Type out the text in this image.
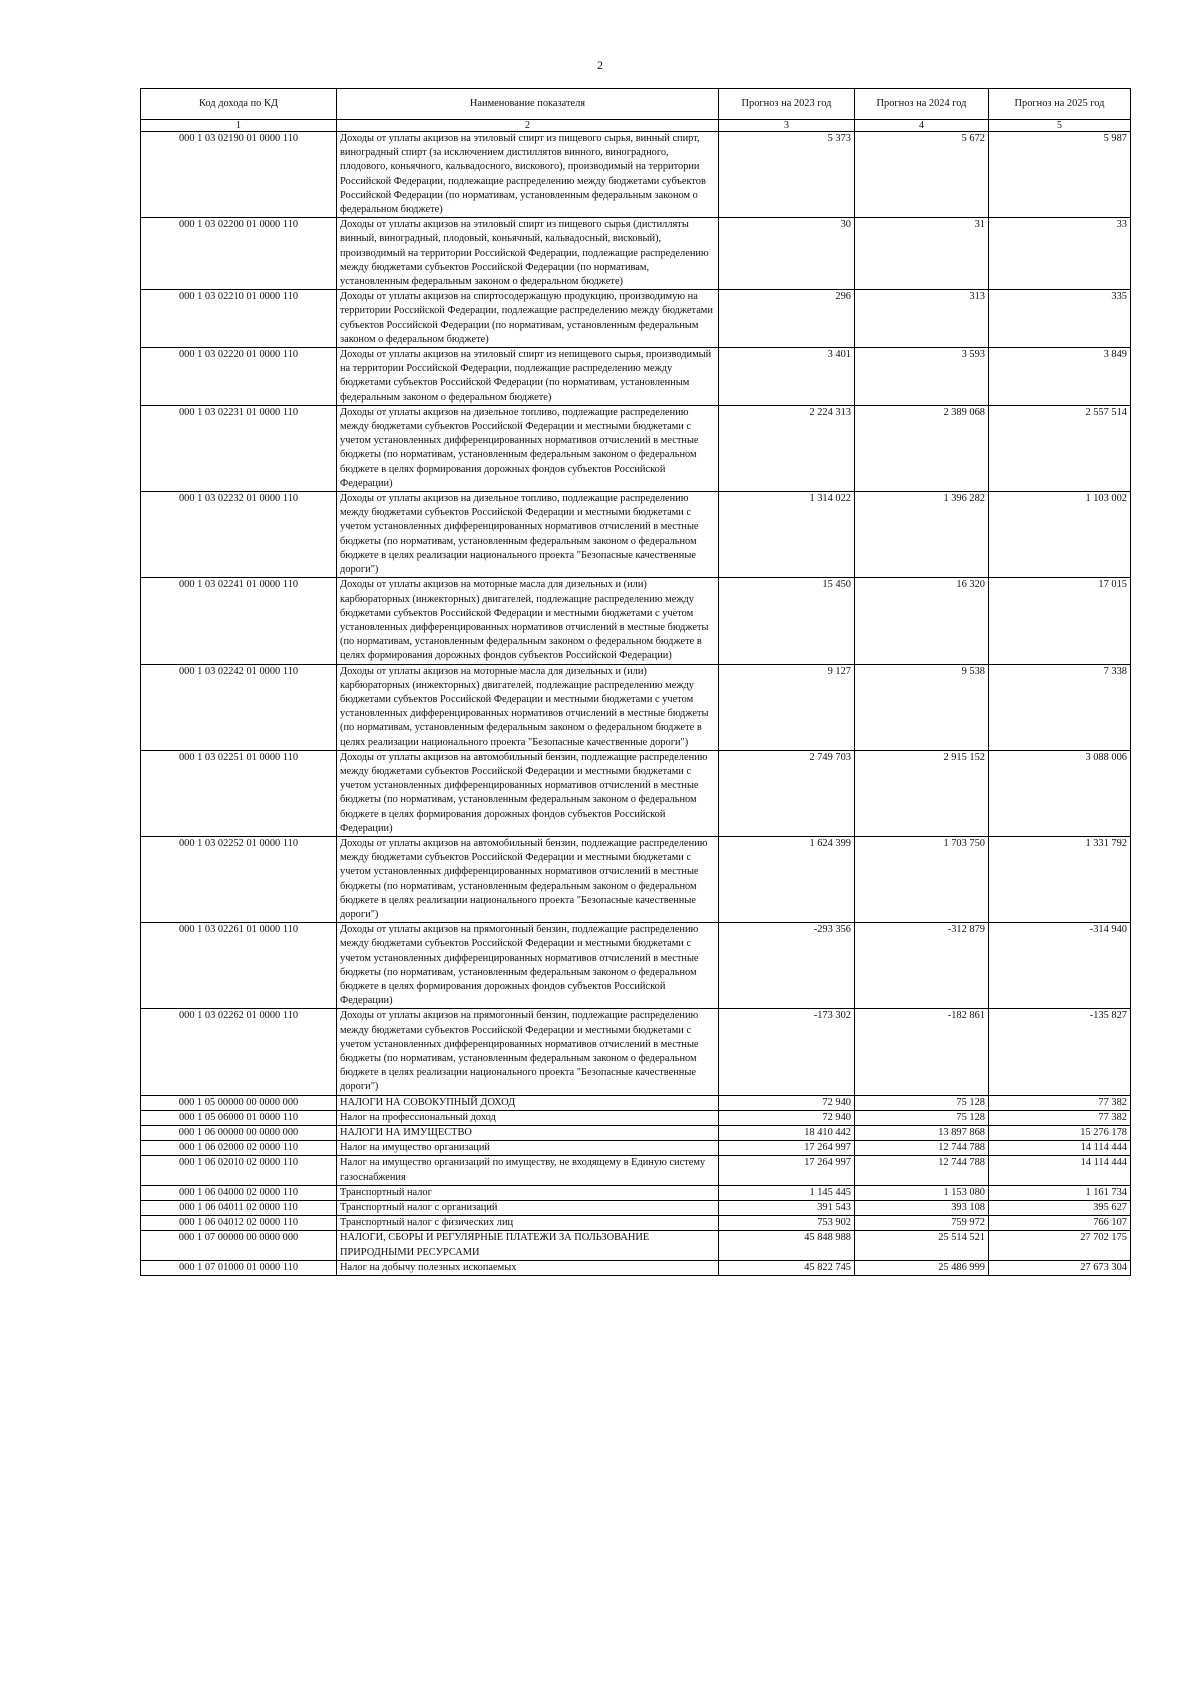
2
Код дохода по КД	Наименование показателя	Прогноз на 2023 год	Прогноз на 2024 год	Прогноз на 2025 год
1	2	3	4	5
000 1 03 02190 01 0000 110	Доходы от уплаты акцизов на этиловый спирт из пищевого сырья, винный спирт, виноградный спирт (за исключением дистиллятов винного, виноградного, плодового, коньячного, кальвадосного, вискового), производимый на территории Российской Федерации, подлежащие распределению между бюджетами субъектов Российской Федерации (по нормативам, установленным федеральным законом о федеральном бюджете)	5 373	5 672	5 987
000 1 03 02200 01 0000 110	Доходы от уплаты акцизов на этиловый спирт из пищевого сырья (дистилляты винный, виноградный, плодовый, коньячный, кальвадосный, висковый), производимый на территории Российской Федерации, подлежащие распределению между бюджетами субъектов Российской Федерации (по нормативам, установленным федеральным законом о федеральном бюджете)	30	31	33
000 1 03 02210 01 0000 110	Доходы от уплаты акцизов на спиртосодержащую продукцию, производимую на территории Российской Федерации, подлежащие распределению между бюджетами субъектов Российской Федерации (по нормативам, установленным федеральным законом о федеральном бюджете)	296	313	335
000 1 03 02220 01 0000 110	Доходы от уплаты акцизов на этиловый спирт из непищевого сырья, производимый на территории Российской Федерации, подлежащие распределению между бюджетами субъектов Российской Федерации (по нормативам, установленным федеральным законом о федеральном бюджете)	3 401	3 593	3 849
000 1 03 02231 01 0000 110	Доходы от уплаты акцизов на дизельное топливо, подлежащие распределению между бюджетами субъектов Российской Федерации и местными бюджетами с учетом установленных дифференцированных нормативов отчислений в местные бюджеты (по нормативам, установленным федеральным законом о федеральном бюджете в целях формирования дорожных фондов субъектов Российской Федерации)	2 224 313	2 389 068	2 557 514
000 1 03 02232 01 0000 110	Доходы от уплаты акцизов на дизельное топливо, подлежащие распределению между бюджетами субъектов Российской Федерации и местными бюджетами с учетом установленных дифференцированных нормативов отчислений в местные бюджеты (по нормативам, установленным федеральным законом о федеральном бюджете в целях реализации национального проекта "Безопасные качественные дороги")	1 314 022	1 396 282	1 103 002
000 1 03 02241 01 0000 110	Доходы от уплаты акцизов на моторные масла для дизельных и (или) карбюраторных (инжекторных) двигателей, подлежащие распределению между бюджетами субъектов Российской Федерации и местными бюджетами с учетом установленных дифференцированных нормативов отчислений в местные бюджеты (по нормативам, установленным федеральным законом о федеральном бюджете в целях формирования дорожных фондов субъектов Российской Федерации)	15 450	16 320	17 015
000 1 03 02242 01 0000 110	Доходы от уплаты акцизов на моторные масла для дизельных и (или) карбюраторных (инжекторных) двигателей, подлежащие распределению между бюджетами субъектов Российской Федерации и местными бюджетами с учетом установленных дифференцированных нормативов отчислений в местные бюджеты (по нормативам, установленным федеральным законом о федеральном бюджете в целях реализации национального проекта "Безопасные качественные дороги")	9 127	9 538	7 338
000 1 03 02251 01 0000 110	Доходы от уплаты акцизов на автомобильный бензин, подлежащие распределению между бюджетами субъектов Российской Федерации и местными бюджетами с учетом установленных дифференцированных нормативов отчислений в местные бюджеты (по нормативам, установленным федеральным законом о федеральном бюджете в целях формирования дорожных фондов субъектов Российской Федерации)	2 749 703	2 915 152	3 088 006
000 1 03 02252 01 0000 110	Доходы от уплаты акцизов на автомобильный бензин, подлежащие распределению между бюджетами субъектов Российской Федерации и местными бюджетами с учетом установленных дифференцированных нормативов отчислений в местные бюджеты (по нормативам, установленным федеральным законом о федеральном бюджете в целях реализации национального проекта "Безопасные качественные дороги")	1 624 399	1 703 750	1 331 792
000 1 03 02261 01 0000 110	Доходы от уплаты акцизов на прямогонный бензин, подлежащие распределению между бюджетами субъектов Российской Федерации и местными бюджетами с учетом установленных дифференцированных нормативов отчислений в местные бюджеты (по нормативам, установленным федеральным законом о федеральном бюджете в целях формирования дорожных фондов субъектов Российской Федерации)	-293 356	-312 879	-314 940
000 1 03 02262 01 0000 110	Доходы от уплаты акцизов на прямогонный бензин, подлежащие распределению между бюджетами субъектов Российской Федерации и местными бюджетами с учетом установленных дифференцированных нормативов отчислений в местные бюджеты (по нормативам, установленным федеральным законом о федеральном бюджете в целях реализации национального проекта "Безопасные качественные дороги")	-173 302	-182 861	-135 827
000 1 05 00000 00 0000 000	НАЛОГИ НА СОВОКУПНЫЙ ДОХОД	72 940	75 128	77 382
000 1 05 06000 01 0000 110	Налог на профессиональный доход	72 940	75 128	77 382
000 1 06 00000 00 0000 000	НАЛОГИ НА ИМУЩЕСТВО	18 410 442	13 897 868	15 276 178
000 1 06 02000 02 0000 110	Налог на имущество организаций	17 264 997	12 744 788	14 114 444
000 1 06 02010 02 0000 110	Налог на имущество организаций по имуществу, не входящему в Единую систему газоснабжения	17 264 997	12 744 788	14 114 444
000 1 06 04000 02 0000 110	Транспортный налог	1 145 445	1 153 080	1 161 734
000 1 06 04011 02 0000 110	Транспортный налог с организаций	391 543	393 108	395 627
000 1 06 04012 02 0000 110	Транспортный налог с физических лиц	753 902	759 972	766 107
000 1 07 00000 00 0000 000	НАЛОГИ, СБОРЫ И РЕГУЛЯРНЫЕ ПЛАТЕЖИ ЗА ПОЛЬЗОВАНИЕ ПРИРОДНЫМИ РЕСУРСАМИ	45 848 988	25 514 521	27 702 175
000 1 07 01000 01 0000 110	Налог на добычу полезных ископаемых	45 822 745	25 486 999	27 673 304
